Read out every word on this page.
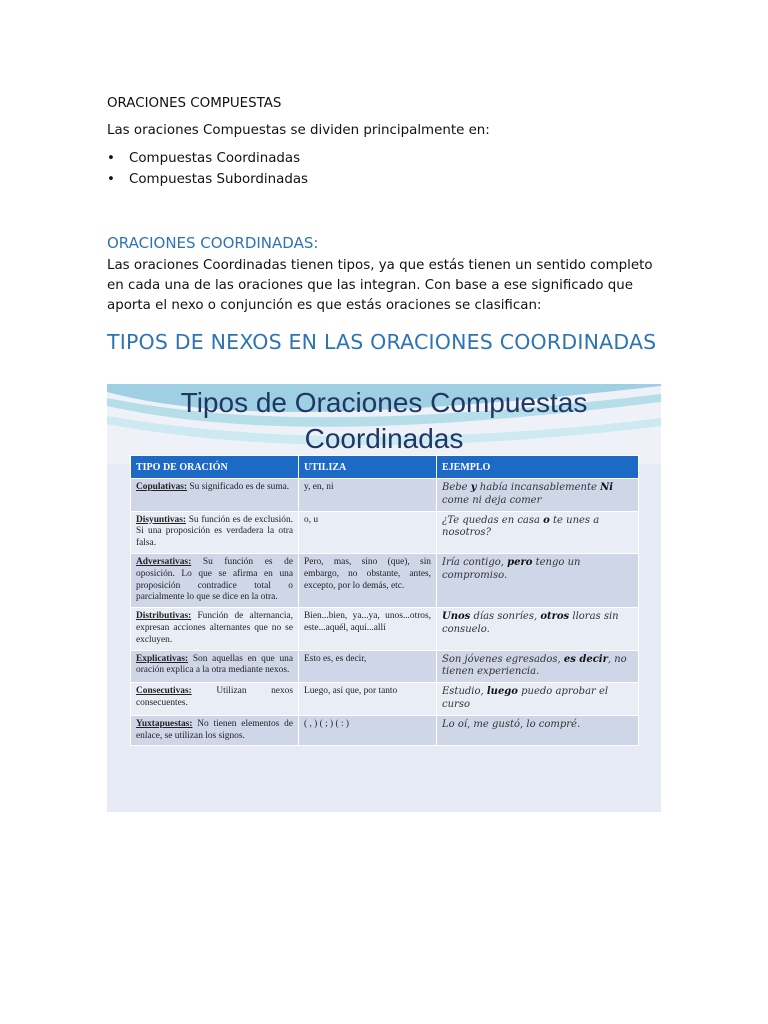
ORACIONES COMPUESTAS

Las oraciones Compuestas se dividen principalmente en:

• Compuestas Coordinadas
• Compuestas Subordinadas
ORACIONES COORDINADAS:

Las oraciones Coordinadas tienen tipos, ya que estás tienen un sentido completo en cada una de las oraciones que las integran. Con base a ese significado que aporta el nexo o conjunción es que estás oraciones se clasifican:

TIPOS DE NEXOS EN LAS ORACIONES COORDINADAS
Tipos de Oraciones Compuestas
Coordinadas
TIPO DE ORACIÓN	UTILIZA	EJEMPLO
Copulativas: Su significado es de suma.	y, en, ni	Bebe y había incansablemente Ni come ni deja comer
Disyuntivas: Su función es de exclusión. Si una proposición es verdadera la otra falsa.	o, u	¿Te quedas en casa o te unes a nosotros?
Adversativas: Su función es de oposición. Lo que se afirma en una proposición contradice total o parcialmente lo que se dice en la otra.	Pero, mas, sino (que), sin embargo, no obstante, antes, excepto, por lo demás, etc.	Iría contigo, pero tengo un compromiso.
Distributivas: Función de alternancia, expresan acciones alternantes que no se excluyen.	Bien...bien, ya...ya, unos...otros, este...aquél, aquí...allí	Unos días sonríes, otros lloras sin consuelo.
Explicativas: Son aquellas en que una oración explica a la otra mediante nexos.	Esto es, es decir,	Son jóvenes egresados, es decir, no tienen experiencia.
Consecutivas: Utilizan nexos consecuentes.	Luego, así que, por tanto	Estudio, luego puedo aprobar el curso
Yuxtapuestas: No tienen elementos de enlace, se utilizan los signos.	( , ) ( ; ) ( : )	Lo oí, me gustó, lo compré.
